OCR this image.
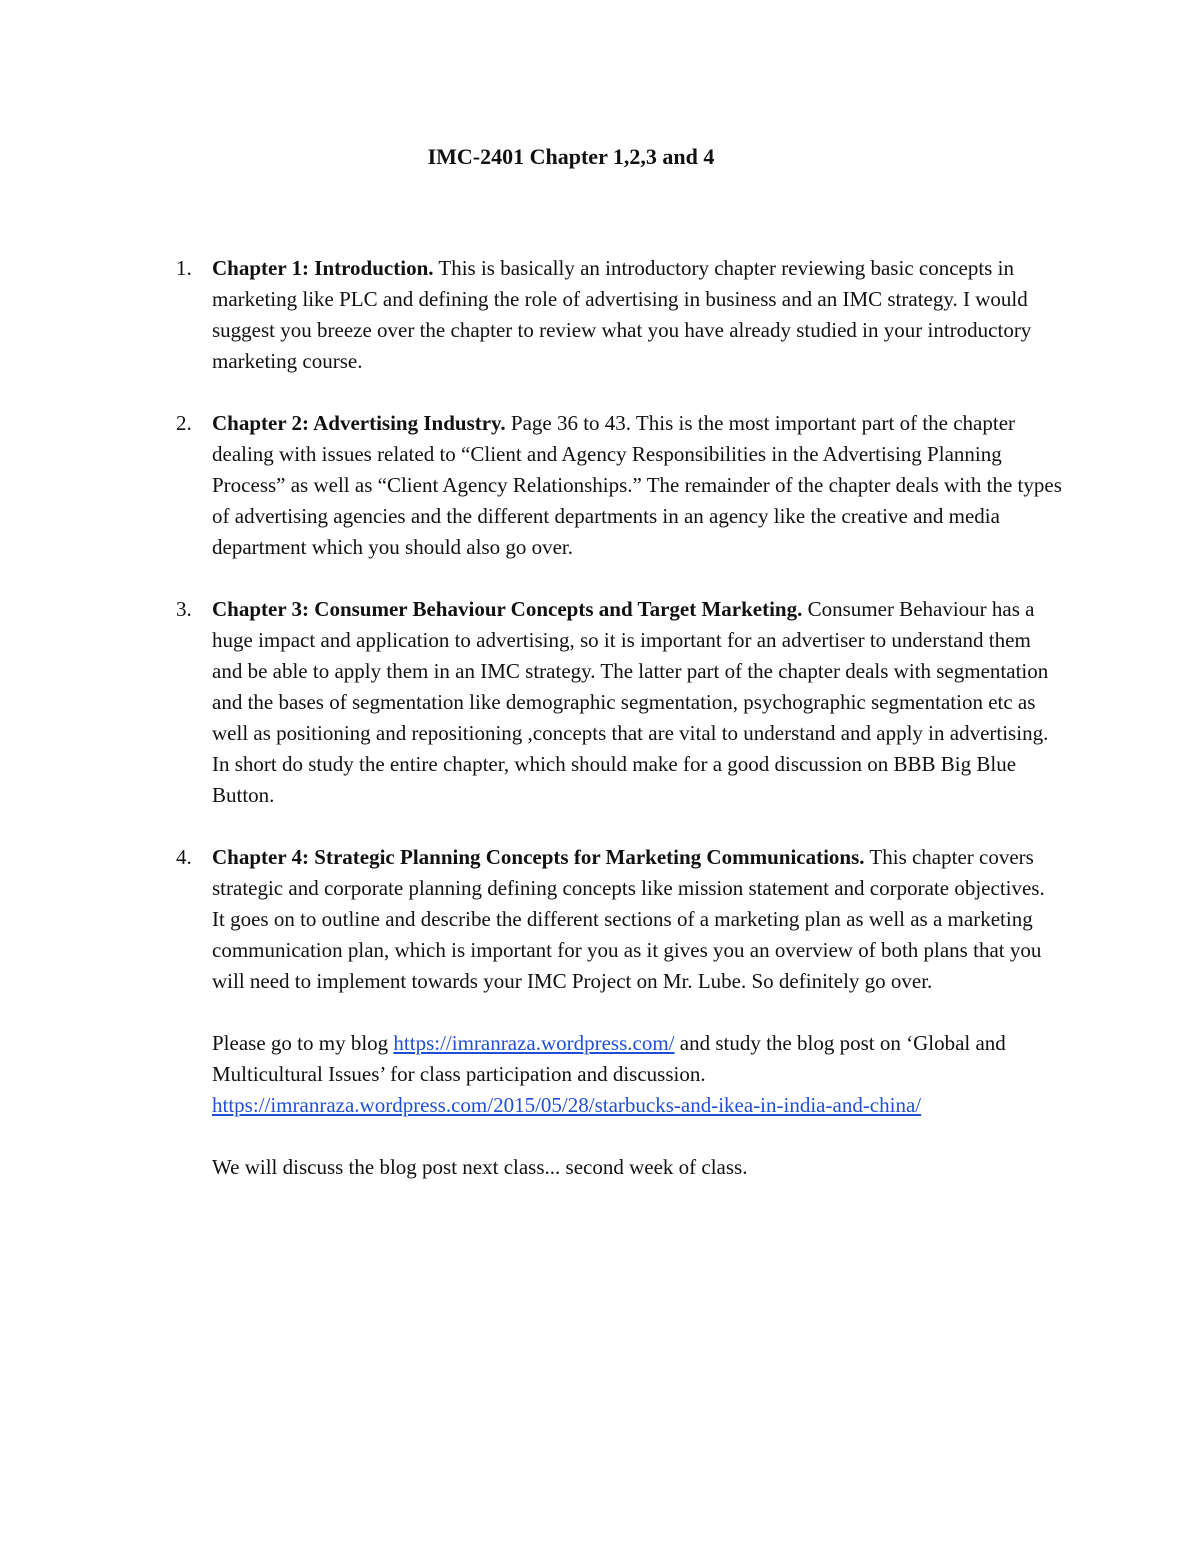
IMC-2401 Chapter 1,2,3 and 4
1. Chapter 1: Introduction. This is basically an introductory chapter reviewing basic concepts in marketing like PLC and defining the role of advertising in business and an IMC strategy. I would suggest you breeze over the chapter to review what you have already studied in your introductory marketing course.
2. Chapter 2: Advertising Industry. Page 36 to 43. This is the most important part of the chapter dealing with issues related to “Client and Agency Responsibilities in the Advertising Planning Process” as well as “Client Agency Relationships.” The remainder of the chapter deals with the types of advertising agencies and the different departments in an agency like the creative and media department which you should also go over.
3. Chapter 3: Consumer Behaviour Concepts and Target Marketing. Consumer Behaviour has a huge impact and application to advertising, so it is important for an advertiser to understand them and be able to apply them in an IMC strategy. The latter part of the chapter deals with segmentation and the bases of segmentation like demographic segmentation, psychographic segmentation etc as well as positioning and repositioning ,concepts that are vital to understand and apply in advertising. In short do study the entire chapter, which should make for a good discussion on BBB Big Blue Button.
4. Chapter 4: Strategic Planning Concepts for Marketing Communications. This chapter covers strategic and corporate planning defining concepts like mission statement and corporate objectives. It goes on to outline and describe the different sections of a marketing plan as well as a marketing communication plan, which is important for you as it gives you an overview of both plans that you will need to implement towards your IMC Project on Mr. Lube. So definitely go over.

Please go to my blog https://imranraza.wordpress.com/ and study the blog post on ‘Global and Multicultural Issues’ for class participation and discussion.
https://imranraza.wordpress.com/2015/05/28/starbucks-and-ikea-in-india-and-china/

We will discuss the blog post next class... second week of class.
